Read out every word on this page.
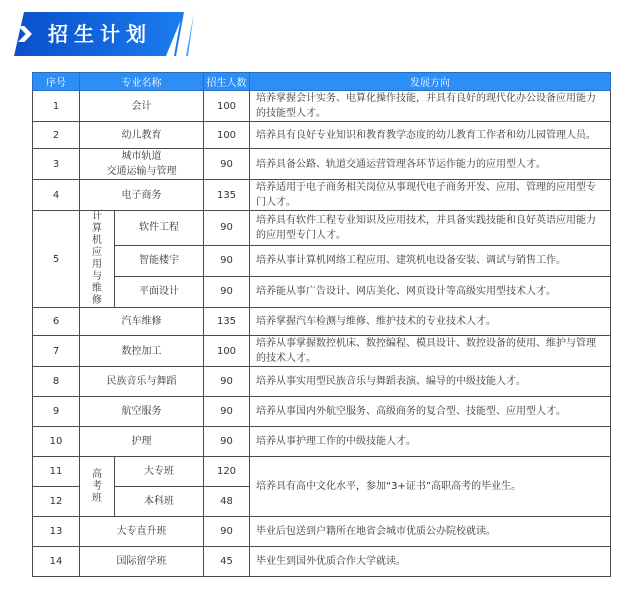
招生计划
序号	专业名称		招生人数	发展方向
1	会计		100	培养掌握会计实务、电算化操作技能，并具有良好的现代化办公设备应用能力的技能型人才。
2	幼儿教育		100	培养具有良好专业知识和教育教学态度的幼儿教育工作者和幼儿园管理人员。
3	城市轨道
交通运输与管理		90	培养具备公路、轨道交通运营管理各环节运作能力的应用型人才。
4	电子商务		135	培养适用于电子商务相关岗位从事现代电子商务开发、应用、管理的应用型专门人才。
5	计算机应用与维修	软件工程	90	培养具有软件工程专业知识及应用技术，并具备实践技能和良好英语应用能力的应用型专门人才。
		智能楼宇	90	培养从事计算机网络工程应用、建筑机电设备安装、调试与销售工作。
		平面设计	90	培养能从事广告设计、网店美化、网页设计等高级实用型技术人才。
6	汽车维修		135	培养掌握汽车检测与维修、维护技术的专业技术人才。
7	数控加工		100	培养从事掌握数控机床、数控编程、模具设计、数控设备的使用、维护与管理的技术人才。
8	民族音乐与舞蹈		90	培养从事实用型民族音乐与舞蹈表演、编导的中级技能人才。
9	航空服务		90	培养从事国内外航空服务、高级商务的复合型、技能型、应用型人才。
10	护理		90	培养从事护理工作的中级技能人才。
11	高考班	大专班	120	培养具有高中文化水平，参加“3+证书”高职高考的毕业生。
12		本科班	48	
13	大专直升班		90	毕业后包送到户籍所在地省会城市优质公办院校就读。
14	国际留学班		45	毕业生到国外优质合作大学就读。
